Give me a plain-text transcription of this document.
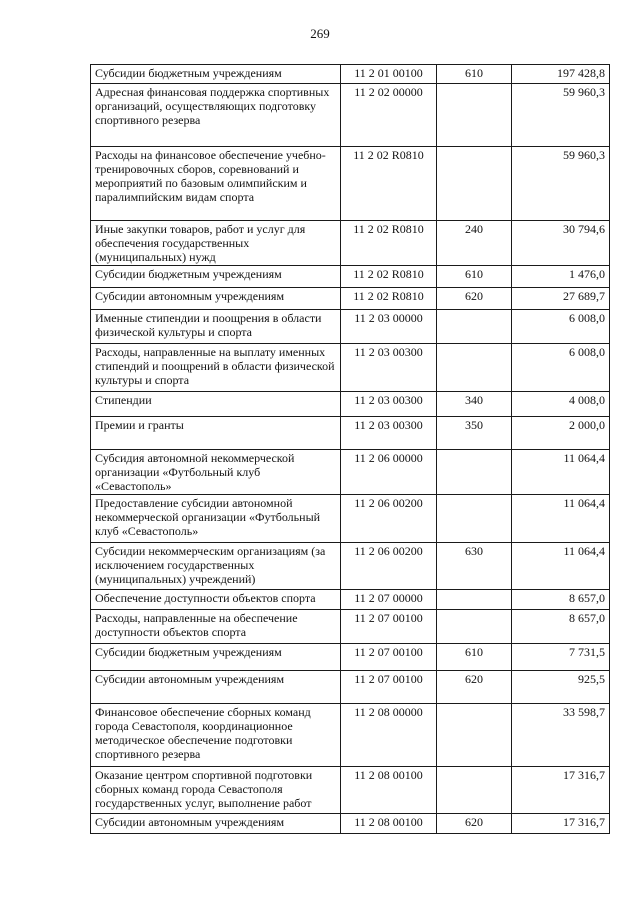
269
Субсидии бюджетным учреждениям	11 2 01 00100	610	197 428,8
Адресная финансовая поддержка спортивных организаций, осуществляющих подготовку спортивного резерва	11 2 02 00000		59 960,3
Расходы на финансовое обеспечение учебно-тренировочных сборов, соревнований и мероприятий по базовым олимпийским и паралимпийским видам спорта	11 2 02 R0810		59 960,3
Иные закупки товаров, работ и услуг для обеспечения государственных (муниципальных) нужд	11 2 02 R0810	240	30 794,6
Субсидии бюджетным учреждениям	11 2 02 R0810	610	1 476,0
Субсидии автономным учреждениям	11 2 02 R0810	620	27 689,7
Именные стипендии и поощрения в области физической культуры и спорта	11 2 03 00000		6 008,0
Расходы, направленные на выплату именных стипендий и поощрений в области физической культуры и спорта	11 2 03 00300		6 008,0
Стипендии	11 2 03 00300	340	4 008,0
Премии и гранты	11 2 03 00300	350	2 000,0
Субсидия автономной некоммерческой организации «Футбольный клуб «Севастополь»	11 2 06 00000		11 064,4
Предоставление субсидии автономной некоммерческой организации «Футбольный клуб «Севастополь»	11 2 06 00200		11 064,4
Субсидии некоммерческим организациям (за исключением государственных (муниципальных) учреждений)	11 2 06 00200	630	11 064,4
Обеспечение доступности объектов спорта	11 2 07 00000		8 657,0
Расходы, направленные на обеспечение доступности объектов спорта	11 2 07 00100		8 657,0
Субсидии бюджетным учреждениям	11 2 07 00100	610	7 731,5
Субсидии автономным учреждениям	11 2 07 00100	620	925,5
Финансовое обеспечение сборных команд города Севастополя, координационное методическое обеспечение подготовки спортивного резерва	11 2 08 00000		33 598,7
Оказание центром спортивной подготовки сборных команд города Севастополя государственных услуг, выполнение работ	11 2 08 00100		17 316,7
Субсидии автономным учреждениям	11 2 08 00100	620	17 316,7
